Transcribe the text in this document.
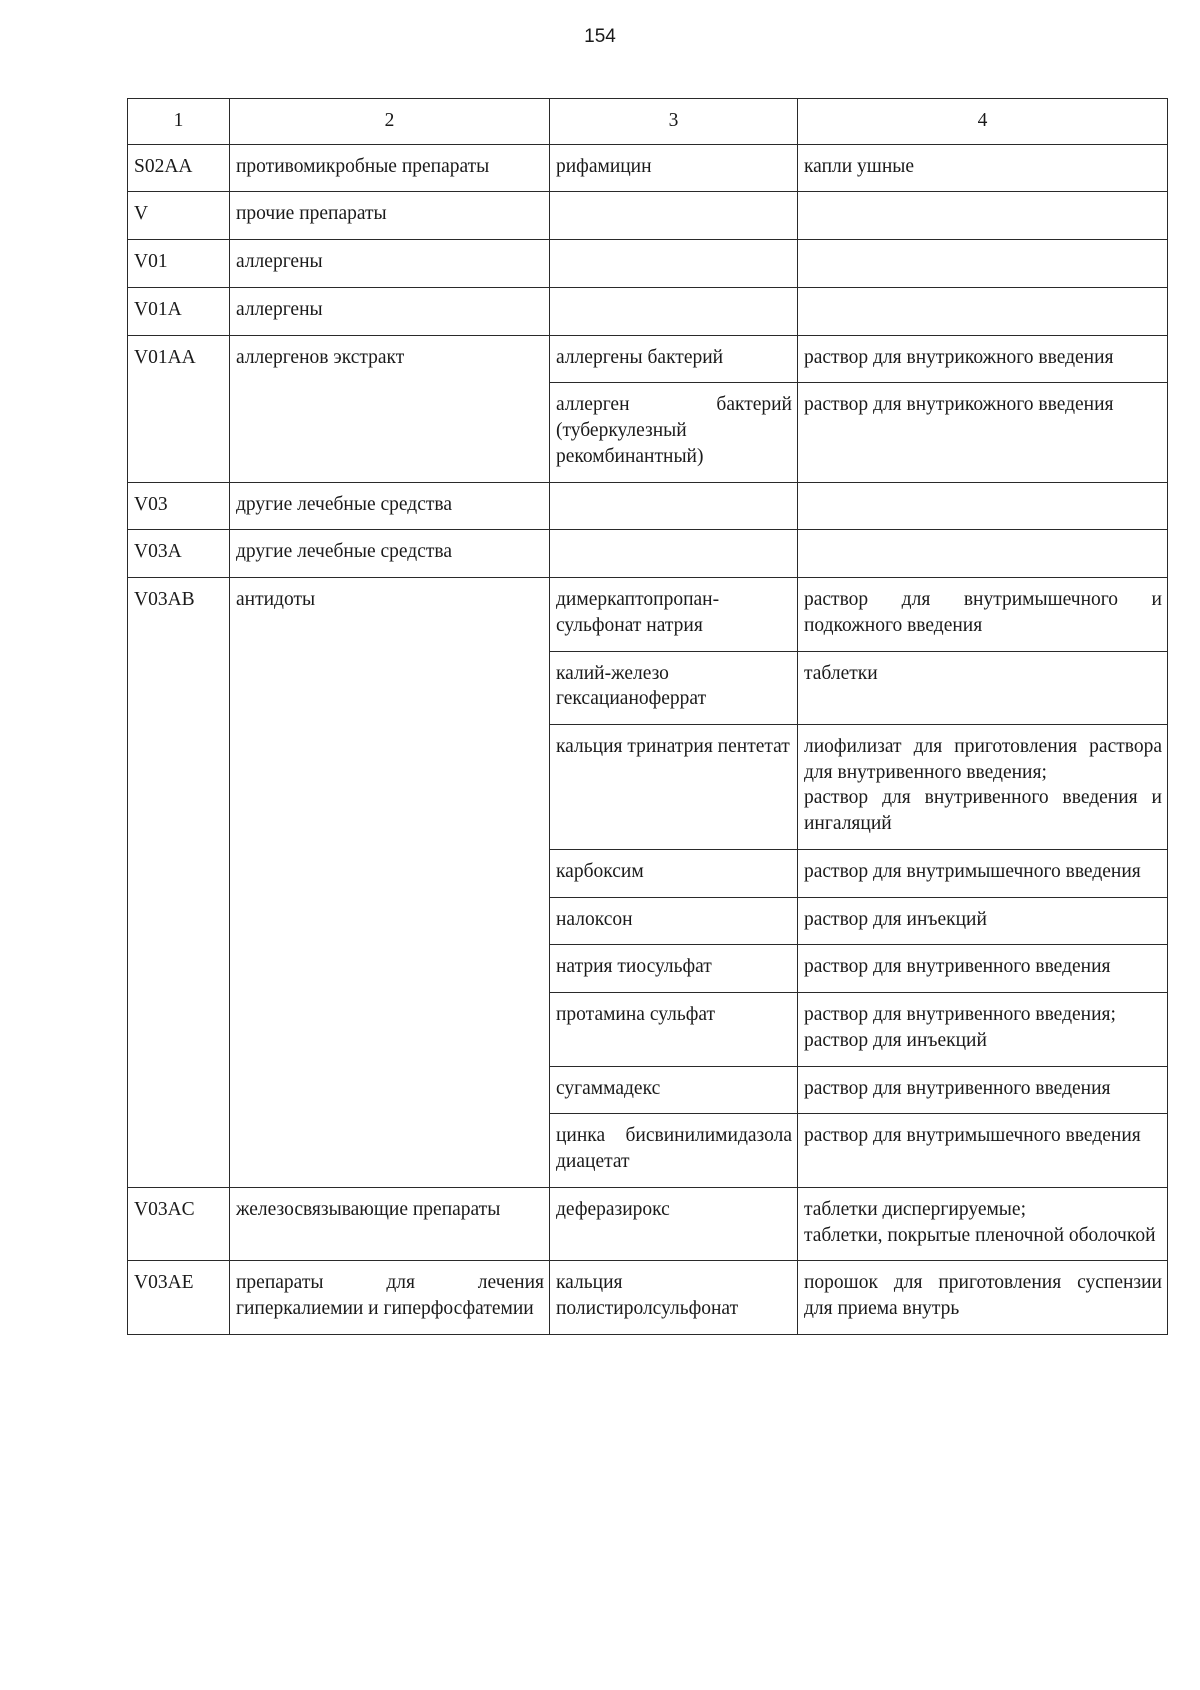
154
1	2	3	4
S02AA	противомикробные препараты	рифамицин	капли ушные

V	прочие препараты		

V01	аллергены		

V01A	аллергены		

V01AA	аллергенов экстракт	аллергены бактерий	раствор для внутрикожного введения

		аллерген бактерий (туберкулезный рекомбинантный)	раствор для внутрикожного введения

V03	другие лечебные средства		

V03A	другие лечебные средства		

V03AB	антидоты	димеркаптопропан-сульфонат натрия	раствор для внутримышечного и подкожного введения

		калий-железо гексацианоферрат	таблетки

		кальция тринатрия пентетат	лиофилизат для приготовления раствора для внутривенного введения;
раствор для внутривенного введения и ингаляций

		карбоксим	раствор для внутримышечного введения

		налоксон	раствор для инъекций

		натрия тиосульфат	раствор для внутривенного введения

		протамина сульфат	раствор для внутривенного введения;
раствор для инъекций

		сугаммадекс	раствор для внутривенного введения

		цинка бисвинилимидазола диацетат	раствор для внутримышечного введения

V03AC	железосвязывающие препараты	деферазирокс	таблетки диспергируемые;
таблетки, покрытые пленочной оболочкой

V03AE	препараты для лечения гиперкалиемии и гиперфосфатемии	кальция полистиролсульфонат	порошок для приготовления суспензии для приема внутрь
